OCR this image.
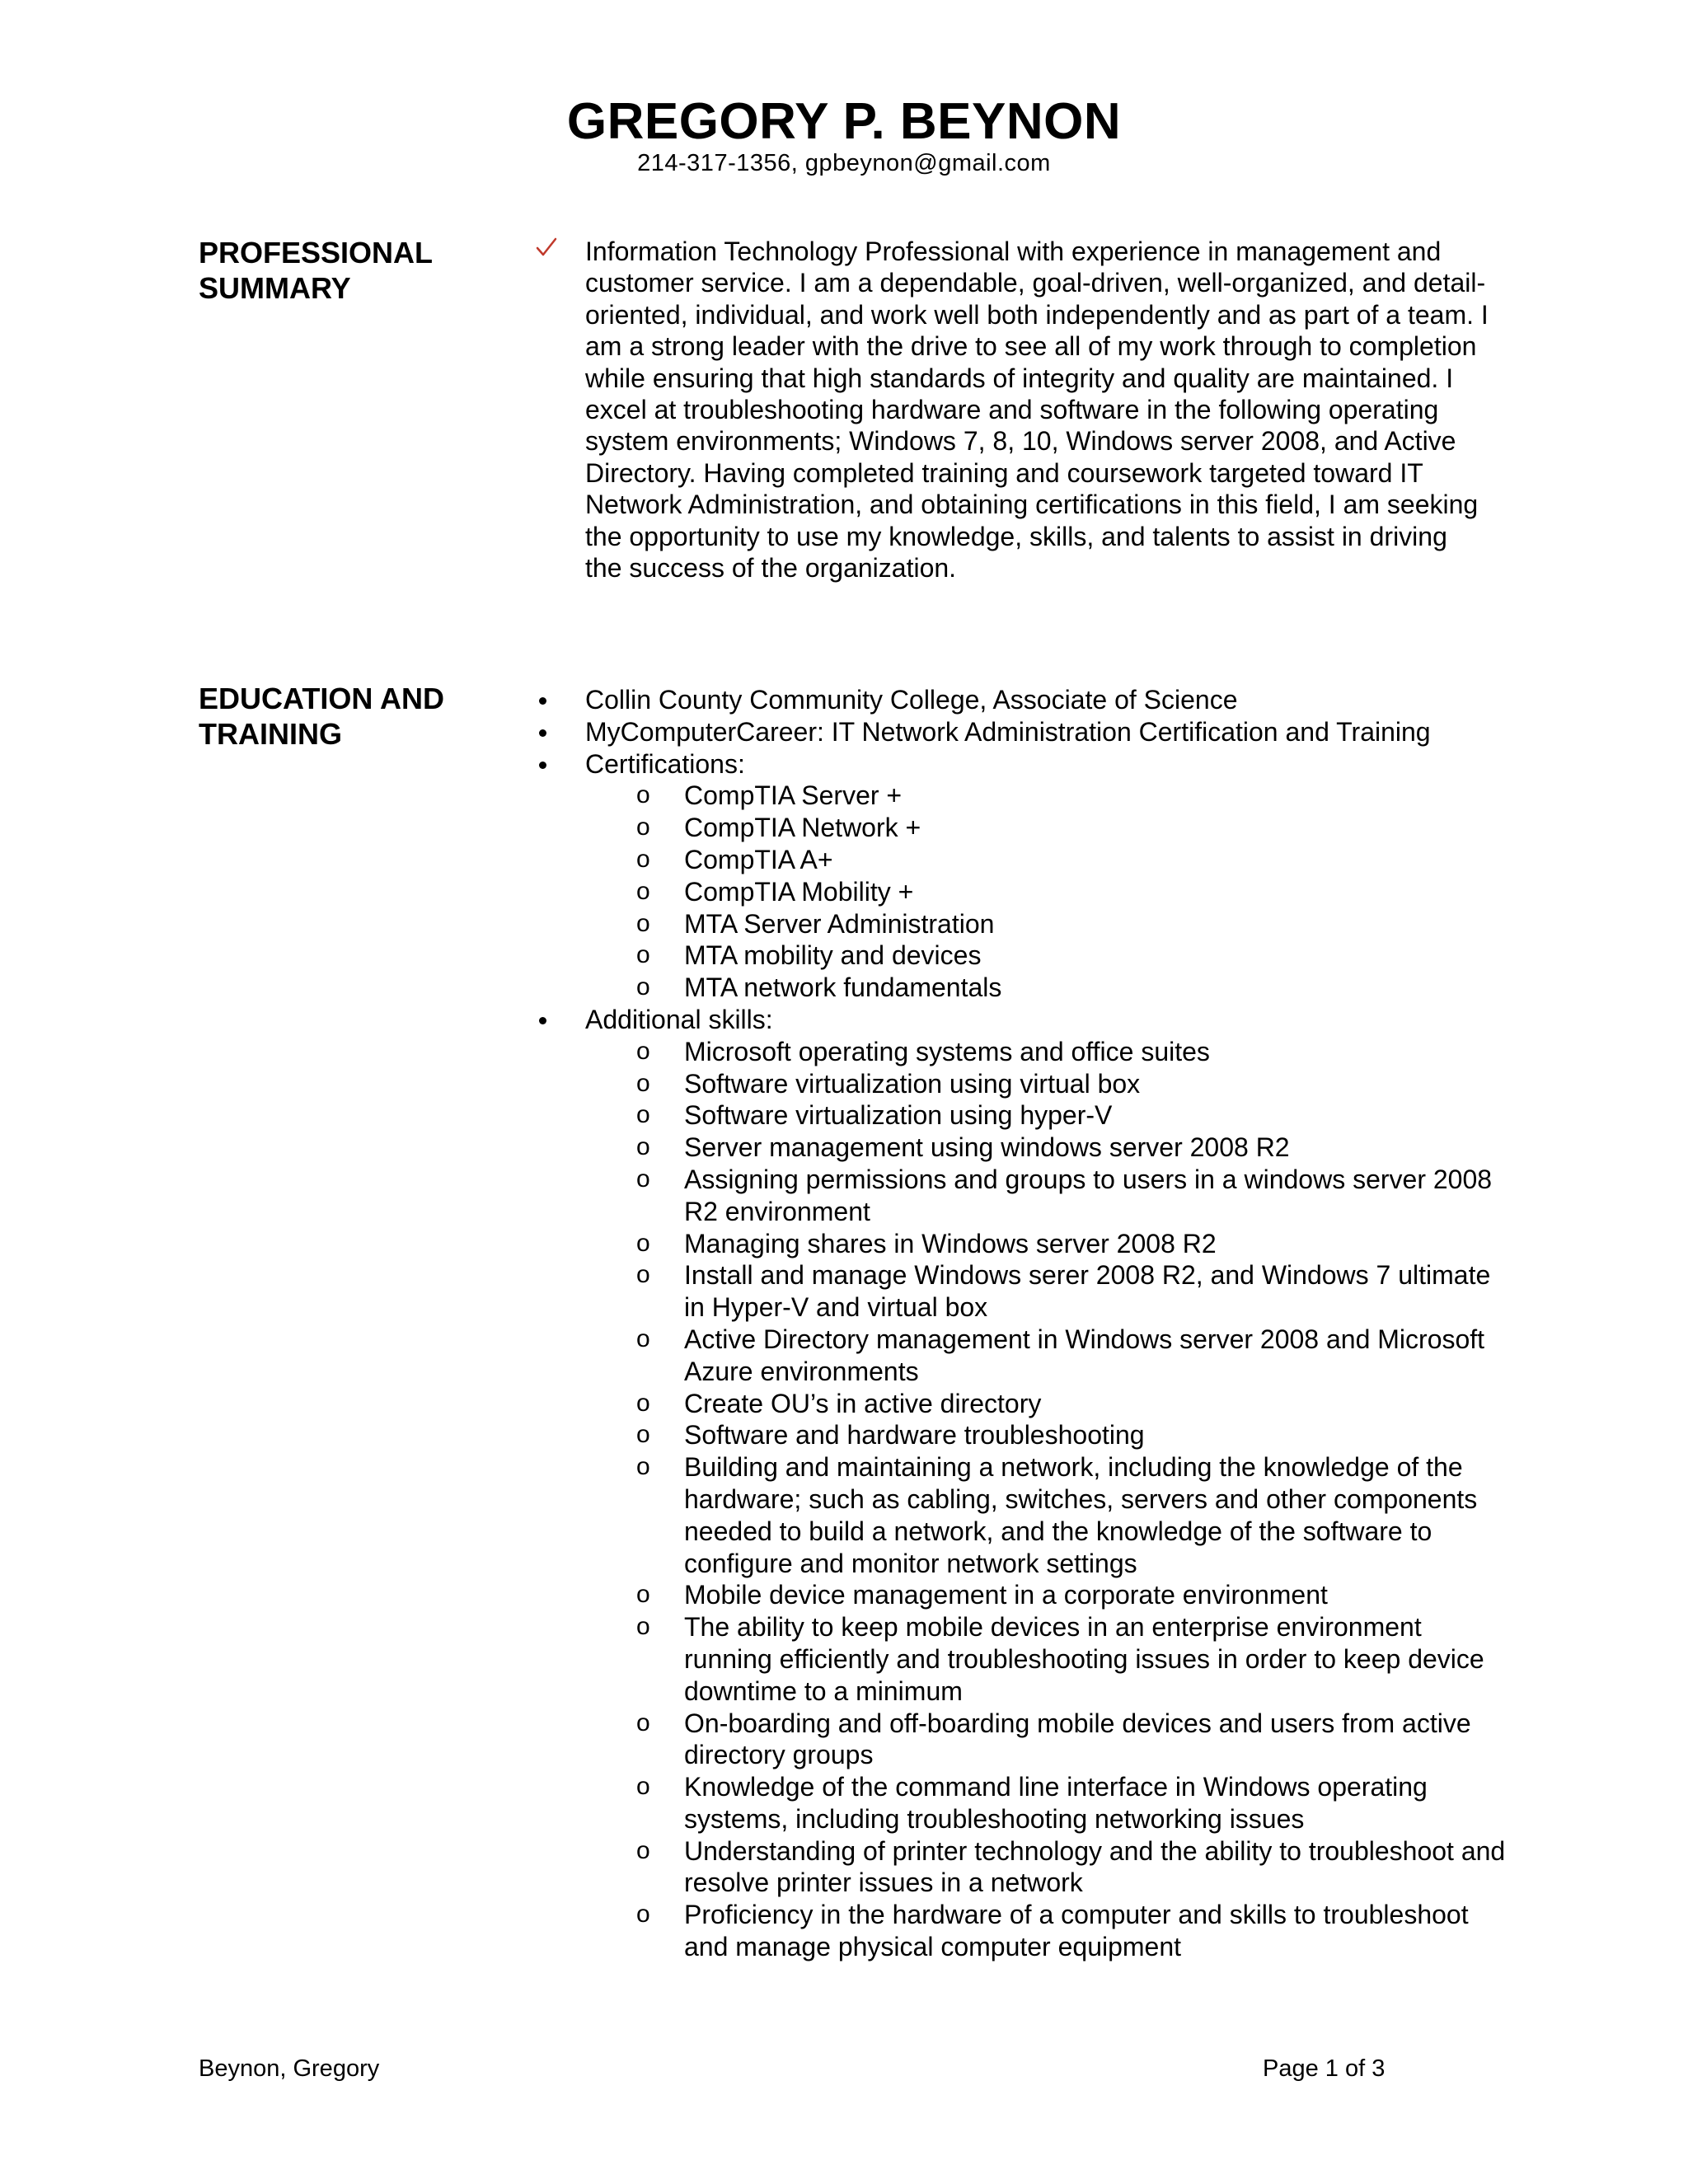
GREGORY P. BEYNON

214-317-1356, gpbeynon@gmail.com

PROFESSIONAL
SUMMARY

Information Technology Professional with experience in management and customer service. I am a dependable, goal-driven, well-organized, and detail-oriented, individual, and work well both independently and as part of a team. I am a strong leader with the drive to see all of my work through to completion while ensuring that high standards of integrity and quality are maintained. I excel at troubleshooting hardware and software in the following operating system environments; Windows 7, 8, 10, Windows server 2008, and Active Directory. Having completed training and coursework targeted toward IT Network Administration, and obtaining certifications in this field, I am seeking the opportunity to use my knowledge, skills, and talents to assist in driving the success of the organization.

EDUCATION AND
TRAINING
Collin County Community College, Associate of Science
MyComputerCareer: IT Network Administration Certification and Training
Certifications:
o CompTIA Server +
o CompTIA Network +
o CompTIA A+
o CompTIA Mobility +
o MTA Server Administration
o MTA mobility and devices
o MTA network fundamentals
Additional skills:
o Microsoft operating systems and office suites
o Software virtualization using virtual box
o Software virtualization using hyper-V
o Server management using windows server 2008 R2
o Assigning permissions and groups to users in a windows server 2008 R2 environment
o Managing shares in Windows server 2008 R2
o Install and manage Windows serer 2008 R2, and Windows 7 ultimate in Hyper-V and virtual box
o Active Directory management in Windows server 2008 and Microsoft Azure environments
o Create OU’s in active directory
o Software and hardware troubleshooting
o Building and maintaining a network, including the knowledge of the hardware; such as cabling, switches, servers and other components needed to build a network, and the knowledge of the software to configure and monitor network settings
o Mobile device management in a corporate environment
o The ability to keep mobile devices in an enterprise environment running efficiently and troubleshooting issues in order to keep device downtime to a minimum
o On-boarding and off-boarding mobile devices and users from active directory groups
o Knowledge of the command line interface in Windows operating systems, including troubleshooting networking issues
o Understanding of printer technology and the ability to troubleshoot and resolve printer issues in a network
o Proficiency in the hardware of a computer and skills to troubleshoot and manage physical computer equipment

Beynon, Gregory	Page 1 of 3
